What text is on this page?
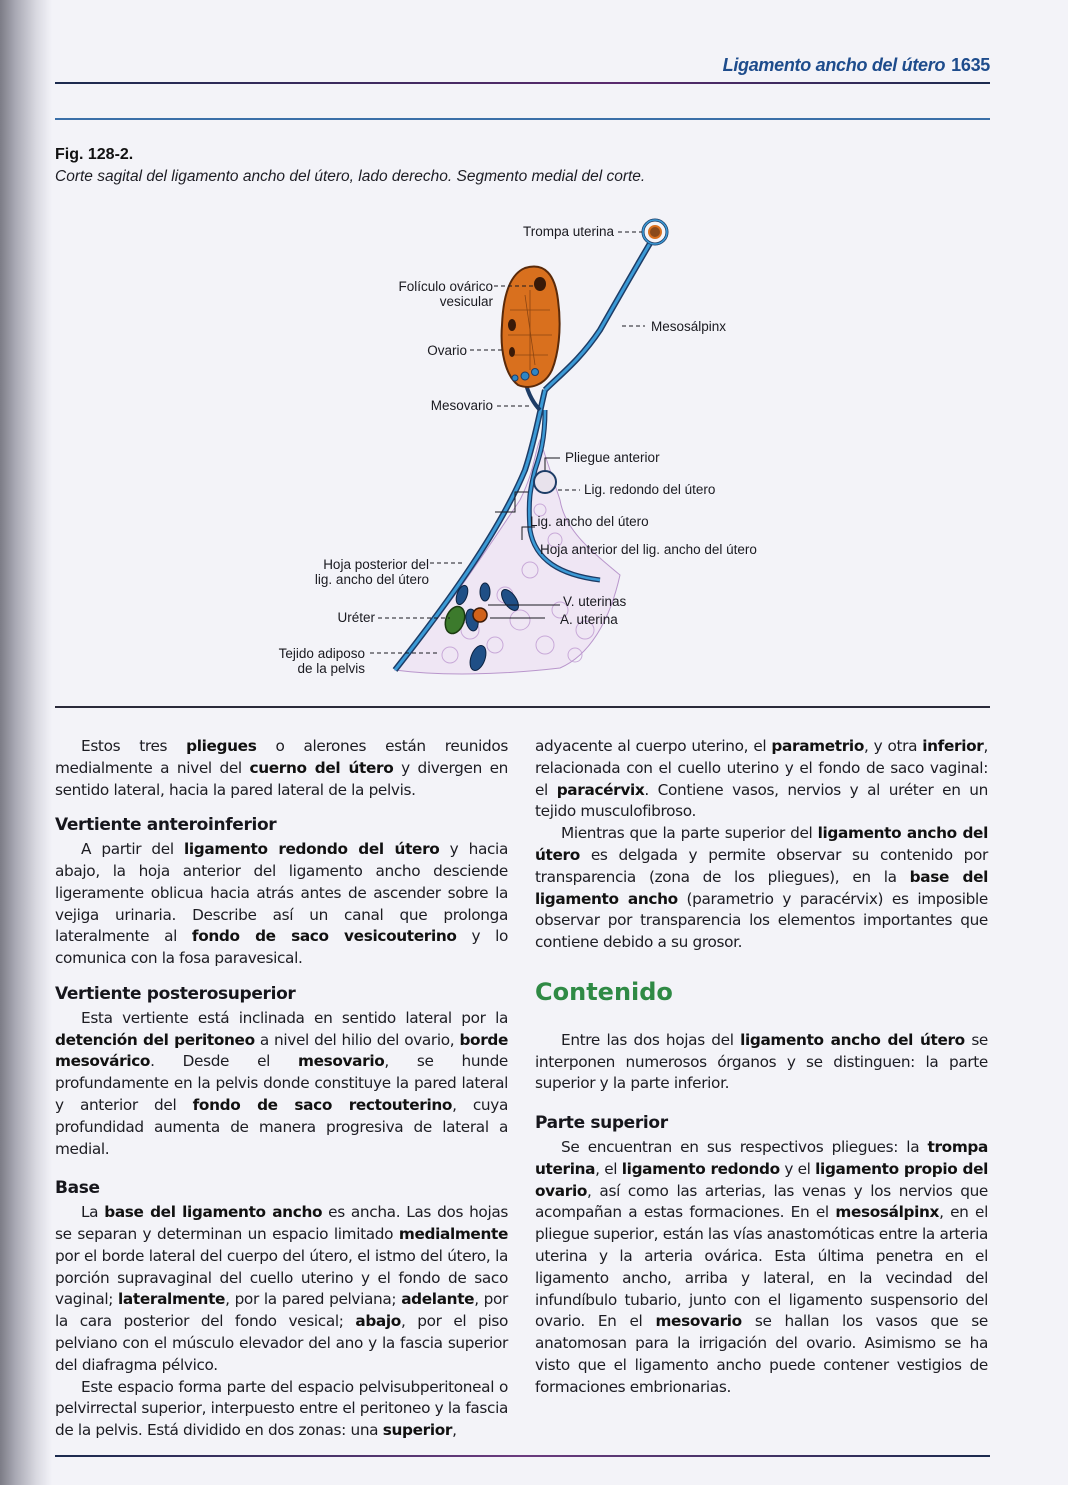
Ligamento ancho del útero 1635
Fig. 128-2.
Corte sagital del ligamento ancho del útero, lado derecho. Segmento medial del corte.
Trompa uterina
Folículo ovárico
vesicular
Mesosálpinx
Ovario
Mesovario
Pliegue anterior
Lig. redondo del útero
Lig. ancho del útero
Hoja anterior del lig. ancho del útero
Hoja posterior del
lig. ancho del útero
V. uterinas
A. uterina
Uréter
Tejido adiposo
de la pelvis

Estos tres pliegues o alerones están reunidos medialmente a nivel del cuerno del útero y divergen en sentido lateral, hacia la pared lateral de la pelvis.

Vertiente anteroinferior

A partir del ligamento redondo del útero y hacia abajo, la hoja anterior del ligamento ancho desciende ligeramente oblicua hacia atrás antes de ascender sobre la vejiga urinaria. Describe así un canal que prolonga lateralmente al fondo de saco vesicouterino y lo comunica con la fosa paravesical.

Vertiente posterosuperior

Esta vertiente está inclinada en sentido lateral por la detención del peritoneo a nivel del hilio del ovario, borde mesovárico. Desde el mesovario, se hunde profundamente en la pelvis donde constituye la pared lateral y anterior del fondo de saco rectouterino, cuya profundidad aumenta de manera progresiva de lateral a medial.

Base

La base del ligamento ancho es ancha. Las dos hojas se separan y determinan un espacio limitado medialmente por el borde lateral del cuerpo del útero, el istmo del útero, la porción supravaginal del cuello uterino y el fondo de saco vaginal; lateralmente, por la pared pelviana; adelante, por la cara posterior del fondo vesical; abajo, por el piso pelviano con el músculo elevador del ano y la fascia superior del diafragma pélvico.

Este espacio forma parte del espacio pelvisubperitoneal o pelvirrectal superior, interpuesto entre el peritoneo y la fascia de la pelvis. Está dividido en dos zonas: una superior,

adyacente al cuerpo uterino, el parametrio, y otra inferior, relacionada con el cuello uterino y el fondo de saco vaginal: el paracérvix. Contiene vasos, nervios y al uréter en un tejido musculofibroso.

Mientras que la parte superior del ligamento ancho del útero es delgada y permite observar su contenido por transparencia (zona de los pliegues), en la base del ligamento ancho (parametrio y paracérvix) es imposible observar por transparencia los elementos importantes que contiene debido a su grosor.

Contenido

Entre las dos hojas del ligamento ancho del útero se interponen numerosos órganos y se distinguen: la parte superior y la parte inferior.

Parte superior

Se encuentran en sus respectivos pliegues: la trompa uterina, el ligamento redondo y el ligamento propio del ovario, así como las arterias, las venas y los nervios que acompañan a estas formaciones. En el mesosálpinx, en el pliegue superior, están las vías anastomóticas entre la arteria uterina y la arteria ovárica. Esta última penetra en el ligamento ancho, arriba y lateral, en la vecindad del infundíbulo tubario, junto con el ligamento suspensorio del ovario. En el mesovario se hallan los vasos que se anatomosan para la irrigación del ovario. Asimismo se ha visto que el ligamento ancho puede contener vestigios de formaciones embrionarias.
